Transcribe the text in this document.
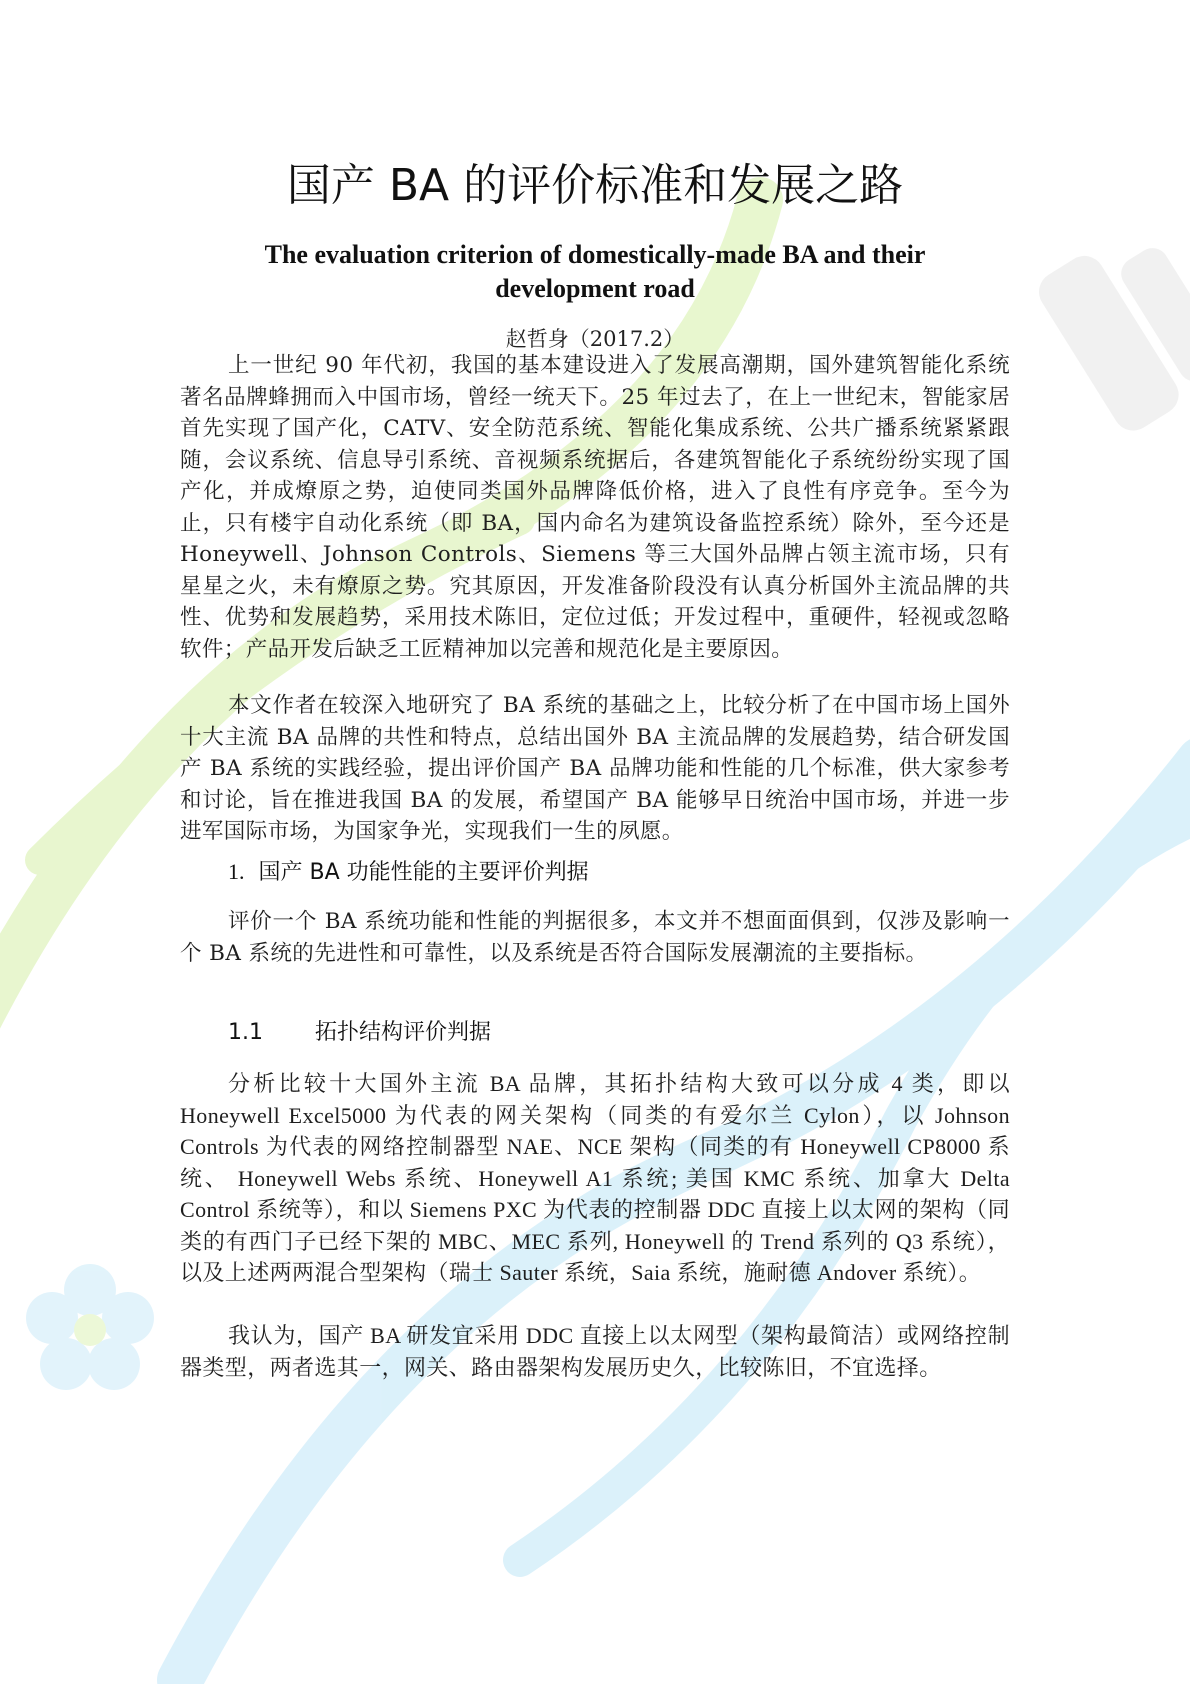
国产 BA 的评价标准和发展之路
The evaluation criterion of domestically-made BA and their development road
赵哲身（2017.2）

上一世纪 90 年代初，我国的基本建设进入了发展高潮期，国外建筑智能化系统著名品牌蜂拥而入中国市场，曾经一统天下。25 年过去了，在上一世纪末，智能家居首先实现了国产化，CATV、安全防范系统、智能化集成系统、公共广播系统紧紧跟随，会议系统、信息导引系统、音视频系统据后，各建筑智能化子系统纷纷实现了国产化，并成燎原之势，迫使同类国外品牌降低价格，进入了良性有序竞争。至今为止，只有楼宇自动化系统（即 BA，国内命名为建筑设备监控系统）除外，至今还是 Honeywell、Johnson Controls、Siemens 等三大国外品牌占领主流市场，只有星星之火，未有燎原之势。究其原因，开发准备阶段没有认真分析国外主流品牌的共性、优势和发展趋势，采用技术陈旧，定位过低；开发过程中，重硬件，轻视或忽略软件；产品开发后缺乏工匠精神加以完善和规范化是主要原因。

本文作者在较深入地研究了 BA 系统的基础之上，比较分析了在中国市场上国外十大主流 BA 品牌的共性和特点，总结出国外 BA 主流品牌的发展趋势，结合研发国产 BA 系统的实践经验，提出评价国产 BA 品牌功能和性能的几个标准，供大家参考和讨论，旨在推进我国 BA 的发展，希望国产 BA 能够早日统治中国市场，并进一步进军国际市场，为国家争光，实现我们一生的夙愿。

1. 国产 BA 功能性能的主要评价判据

评价一个 BA 系统功能和性能的判据很多，本文并不想面面俱到，仅涉及影响一个 BA 系统的先进性和可靠性，以及系统是否符合国际发展潮流的主要指标。

1.1 拓扑结构评价判据

分析比较十大国外主流 BA 品牌，其拓扑结构大致可以分成 4 类，即以 Honeywell Excel5000 为代表的网关架构（同类的有爱尔兰 Cylon），以 Johnson Controls 为代表的网络控制器型 NAE、NCE 架构（同类的有 Honeywell CP8000 系统、 Honeywell Webs 系统、Honeywell A1 系统; 美国 KMC 系统、加拿大 Delta Control 系统等），和以 Siemens PXC 为代表的控制器 DDC 直接上以太网的架构（同类的有西门子已经下架的 MBC、MEC 系列, Honeywell 的 Trend 系列的 Q3 系统），以及上述两两混合型架构（瑞士 Sauter 系统，Saia 系统，施耐德 Andover 系统）。

我认为，国产 BA 研发宜采用 DDC 直接上以太网型（架构最简洁）或网络控制器类型，两者选其一，网关、路由器架构发展历史久，比较陈旧，不宜选择。
